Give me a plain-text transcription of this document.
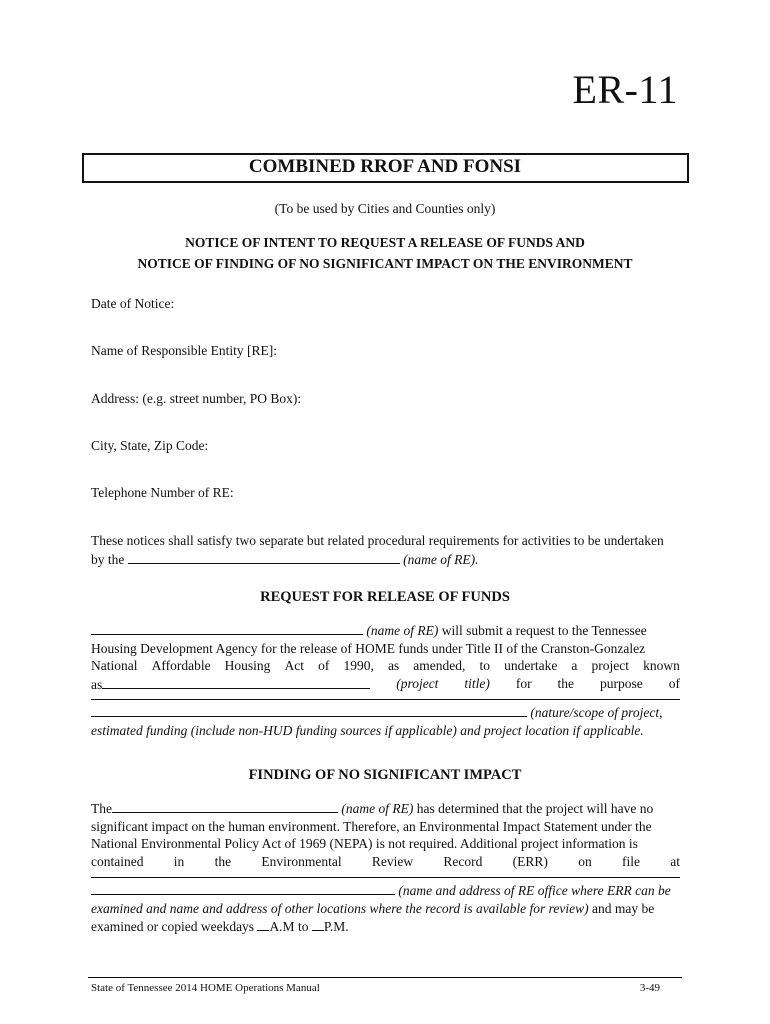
ER-11
COMBINED RROF AND FONSI
(To be used by Cities and Counties only)
NOTICE OF INTENT TO REQUEST A RELEASE OF FUNDS AND
NOTICE OF FINDING OF NO SIGNIFICANT IMPACT ON THE ENVIRONMENT
Date of Notice:
Name of Responsible Entity [RE]:
Address: (e.g. street number, PO Box):
City, State, Zip Code:
Telephone Number of RE:
These notices shall satisfy two separate but related procedural requirements for activities to be undertaken
by the	(name of RE).
REQUEST FOR RELEASE OF FUNDS
(name of RE) will submit a request to the Tennessee
Housing Development Agency for the release of HOME funds under Title II of the Cranston-Gonzalez
National Affordable Housing Act of 1990, as amended, to undertake a project known
as	(project title) for the purpose of
(nature/scope of project,
estimated funding (include non-HUD funding sources if applicable) and project location if applicable.
FINDING OF NO SIGNIFICANT IMPACT
The	(name of RE) has determined that the project will have no
significant impact on the human environment. Therefore, an Environmental Impact Statement under the
National Environmental Policy Act of 1969 (NEPA) is not required. Additional project information is
contained in the Environmental Review Record (ERR) on file at
(name and address of RE office where ERR can be
examined and name and address of other locations where the record is available for review) and may be
examined or copied weekdays A.M to P.M.
State of Tennessee 2014 HOME Operations Manual	3-49
